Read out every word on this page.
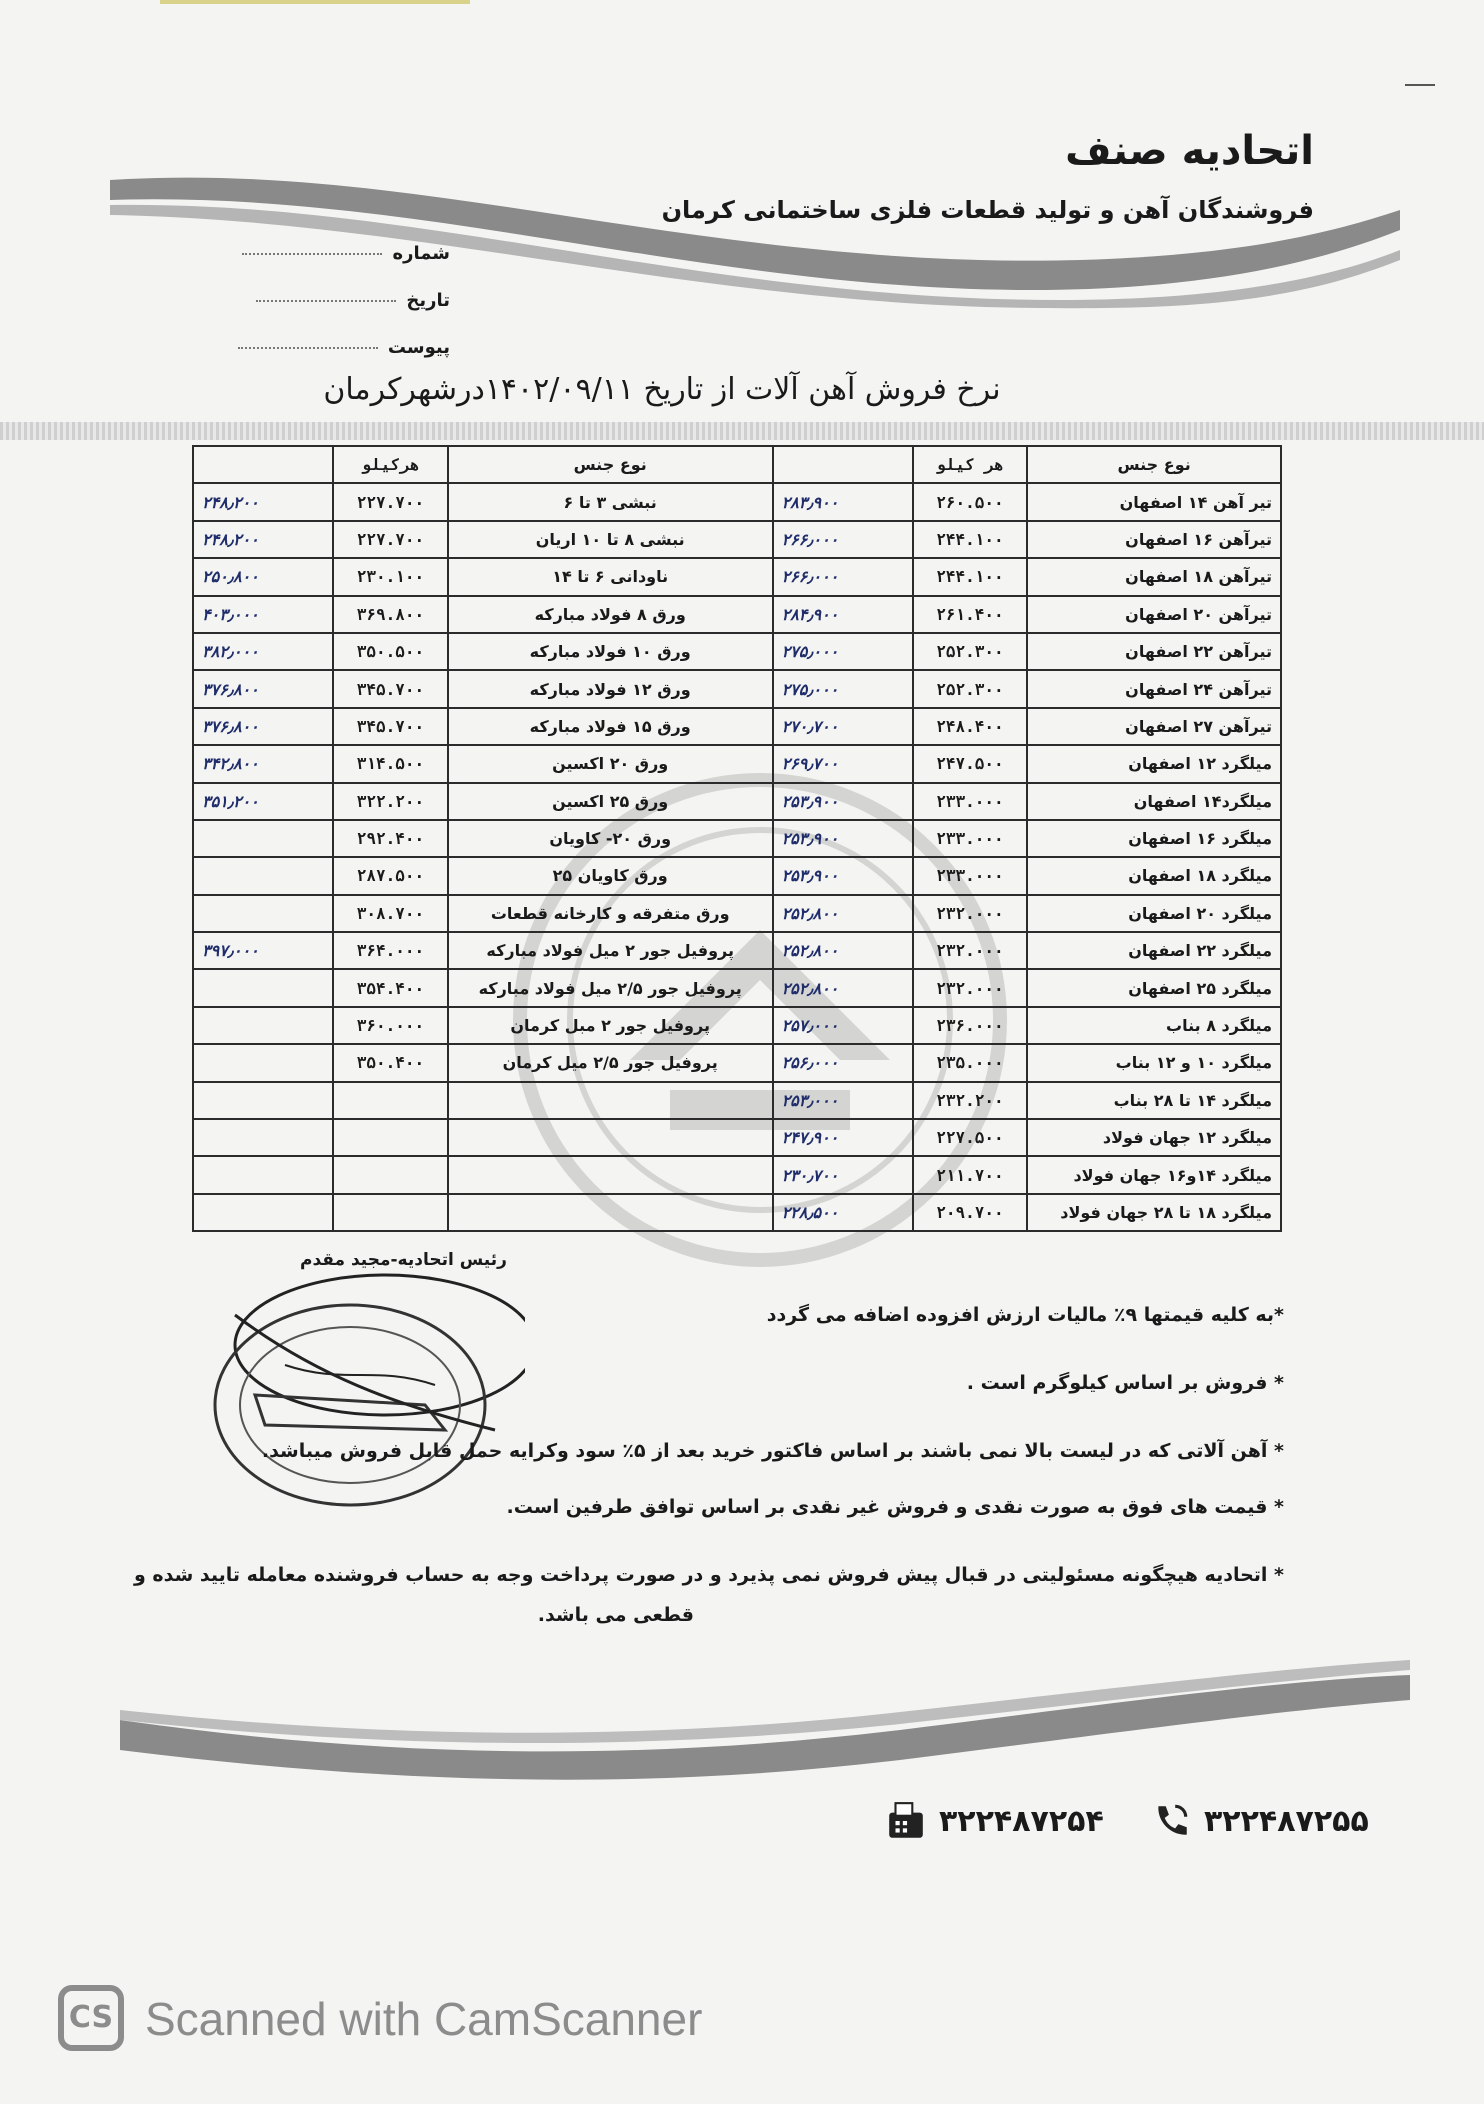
اتحادیه صنف
فروشندگان آهن و تولید قطعات فلزی ساختمانی کرمان
شماره
تاریخ
پیوست
نرخ فروش آهن آلات از تاریخ ۱۴۰۲/۰۹/۱۱درشهرکرمان
نوع جنس	هر کیلو		نوع جنس	هرکیلو	
تیر آهن ۱۴ اصفهان	۲۶۰.۵۰۰	۲۸۳٫۹۰۰	نبشی ۳ تا ۶	۲۲۷.۷۰۰	۲۴۸٫۲۰۰
تیرآهن ۱۶ اصفهان	۲۴۴.۱۰۰	۲۶۶٫۰۰۰	نبشی ۸ تا ۱۰ اریان	۲۲۷.۷۰۰	۲۴۸٫۲۰۰
تیرآهن ۱۸ اصفهان	۲۴۴.۱۰۰	۲۶۶٫۰۰۰	ناودانی ۶ تا ۱۴	۲۳۰.۱۰۰	۲۵۰٫۸۰۰
تیرآهن ۲۰ اصفهان	۲۶۱.۴۰۰	۲۸۴٫۹۰۰	ورق ۸ فولاد مبارکه	۳۶۹.۸۰۰	۴۰۳٫۰۰۰
تیرآهن ۲۲ اصفهان	۲۵۲.۳۰۰	۲۷۵٫۰۰۰	ورق ۱۰ فولاد مبارکه	۳۵۰.۵۰۰	۳۸۲٫۰۰۰
تیرآهن ۲۴ اصفهان	۲۵۲.۳۰۰	۲۷۵٫۰۰۰	ورق ۱۲ فولاد مبارکه	۳۴۵.۷۰۰	۳۷۶٫۸۰۰
تیرآهن ۲۷ اصفهان	۲۴۸.۴۰۰	۲۷۰٫۷۰۰	ورق ۱۵ فولاد مبارکه	۳۴۵.۷۰۰	۳۷۶٫۸۰۰
میلگرد ۱۲ اصفهان	۲۴۷.۵۰۰	۲۶۹٫۷۰۰	ورق ۲۰ اکسین	۳۱۴.۵۰۰	۳۴۲٫۸۰۰
میلگرد۱۴ اصفهان	۲۳۳.۰۰۰	۲۵۳٫۹۰۰	ورق ۲۵ اکسین	۳۲۲.۲۰۰	۳۵۱٫۲۰۰
میلگرد ۱۶ اصفهان	۲۳۳.۰۰۰	۲۵۳٫۹۰۰	ورق ۲۰- کاویان	۲۹۲.۴۰۰	
میلگرد ۱۸ اصفهان	۲۳۳.۰۰۰	۲۵۳٫۹۰۰	ورق کاویان ۲۵	۲۸۷.۵۰۰	
میلگرد ۲۰ اصفهان	۲۳۲.۰۰۰	۲۵۲٫۸۰۰	ورق متفرقه و کارخانه قطعات	۳۰۸.۷۰۰	
میلگرد ۲۲ اصفهان	۲۳۲.۰۰۰	۲۵۲٫۸۰۰	پروفیل جور ۲ میل فولاد مبارکه	۳۶۴.۰۰۰	۳۹۷٫۰۰۰
میلگرد ۲۵ اصفهان	۲۳۲.۰۰۰	۲۵۲٫۸۰۰	پروفیل جور ۲/۵ میل فولاد مبارکه	۳۵۴.۴۰۰	
میلگرد ۸ بناب	۲۳۶.۰۰۰	۲۵۷٫۰۰۰	پروفیل جور ۲ مبل کرمان	۳۶۰.۰۰۰	
میلگرد ۱۰ و ۱۲ بناب	۲۳۵.۰۰۰	۲۵۶٫۰۰۰	پروفیل جور ۲/۵ میل کرمان	۳۵۰.۴۰۰	
میلگرد ۱۴ تا ۲۸ بناب	۲۳۲.۲۰۰	۲۵۳٫۰۰۰			
میلگرد ۱۲ جهان فولاد	۲۲۷.۵۰۰	۲۴۷٫۹۰۰			
میلگرد ۱۴و۱۶ جهان فولاد	۲۱۱.۷۰۰	۲۳۰٫۷۰۰			
میلگرد ۱۸ تا ۲۸ جهان فولاد	۲۰۹.۷۰۰	۲۲۸٫۵۰۰			
رئیس اتحادیه-مجید مقدم

*به کلیه قیمتها ۹٪ مالیات ارزش افزوده اضافه می گردد

* فروش بر اساس کیلوگرم است .

* آهن آلاتی که در لیست بالا نمی باشند بر اساس فاکتور خرید بعد از ۵٪ سود وکرایه حمل قابل فروش میباشد.

* قیمت های فوق به صورت نقدی و فروش غیر نقدی بر اساس توافق طرفین است.

* اتحادیه هیچگونه مسئولیتی در قبال پیش فروش نمی پذیرد و در صورت پرداخت وجه به حساب فروشنده معامله تایید شده و

قطعی می باشد.

۳۲۲۴۸۷۲۵۴	۳۲۲۴۸۷۲۵۵
CS Scanned with CamScanner
